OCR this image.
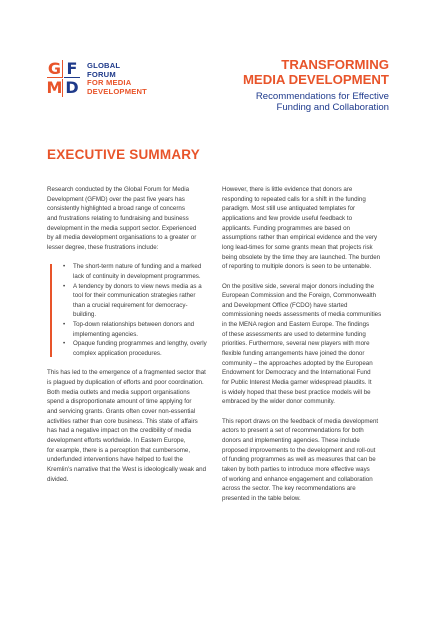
G F
M D
GLOBAL
FORUM
FOR MEDIA
DEVELOPMENT
TRANSFORMING
MEDIA DEVELOPMENT
Recommendations for Effective
Funding and Collaboration
EXECUTIVE SUMMARY
Research conducted by the Global Forum for Media
Development (GFMD) over the past five years has
consistently highlighted a broad range of concerns
and frustrations relating to fundraising and business
development in the media support sector. Experienced
by all media development organisations to a greater or
lesser degree, these frustrations include:
• The short-term nature of funding and a marked
lack of continuity in development programmes.
• A tendency by donors to view news media as a
tool for their communication strategies rather
than a crucial requirement for democracy-
building.
• Top-down relationships between donors and
implementing agencies.
• Opaque funding programmes and lengthy, overly
complex application procedures.
This has led to the emergence of a fragmented sector that
is plagued by duplication of efforts and poor coordination.
Both media outlets and media support organisations
spend a disproportionate amount of time applying for
and servicing grants. Grants often cover non-essential
activities rather than core business. This state of affairs
has had a negative impact on the credibility of media
development efforts worldwide. In Eastern Europe,
for example, there is a perception that cumbersome,
underfunded interventions have helped to fuel the
Kremlin’s narrative that the West is ideologically weak and
divided.
However, there is little evidence that donors are
responding to repeated calls for a shift in the funding
paradigm. Most still use antiquated templates for
applications and few provide useful feedback to
applicants. Funding programmes are based on
assumptions rather than empirical evidence and the very
long lead-times for some grants mean that projects risk
being obsolete by the time they are launched. The burden
of reporting to multiple donors is seen to be untenable.
On the positive side, several major donors including the
European Commission and the Foreign, Commonwealth
and Development Office (FCDO) have started
commissioning needs assessments of media communities
in the MENA region and Eastern Europe. The findings
of these assessments are used to determine funding
priorities. Furthermore, several new players with more
flexible funding arrangements have joined the donor
community – the approaches adopted by the European
Endowment for Democracy and the International Fund
for Public Interest Media garner widespread plaudits. It
is widely hoped that these best practice models will be
embraced by the wider donor community.
This report draws on the feedback of media development
actors to present a set of recommendations for both
donors and implementing agencies. These include
proposed improvements to the development and roll-out
of funding programmes as well as measures that can be
taken by both parties to introduce more effective ways
of working and enhance engagement and collaboration
across the sector. The key recommendations are
presented in the table below.
